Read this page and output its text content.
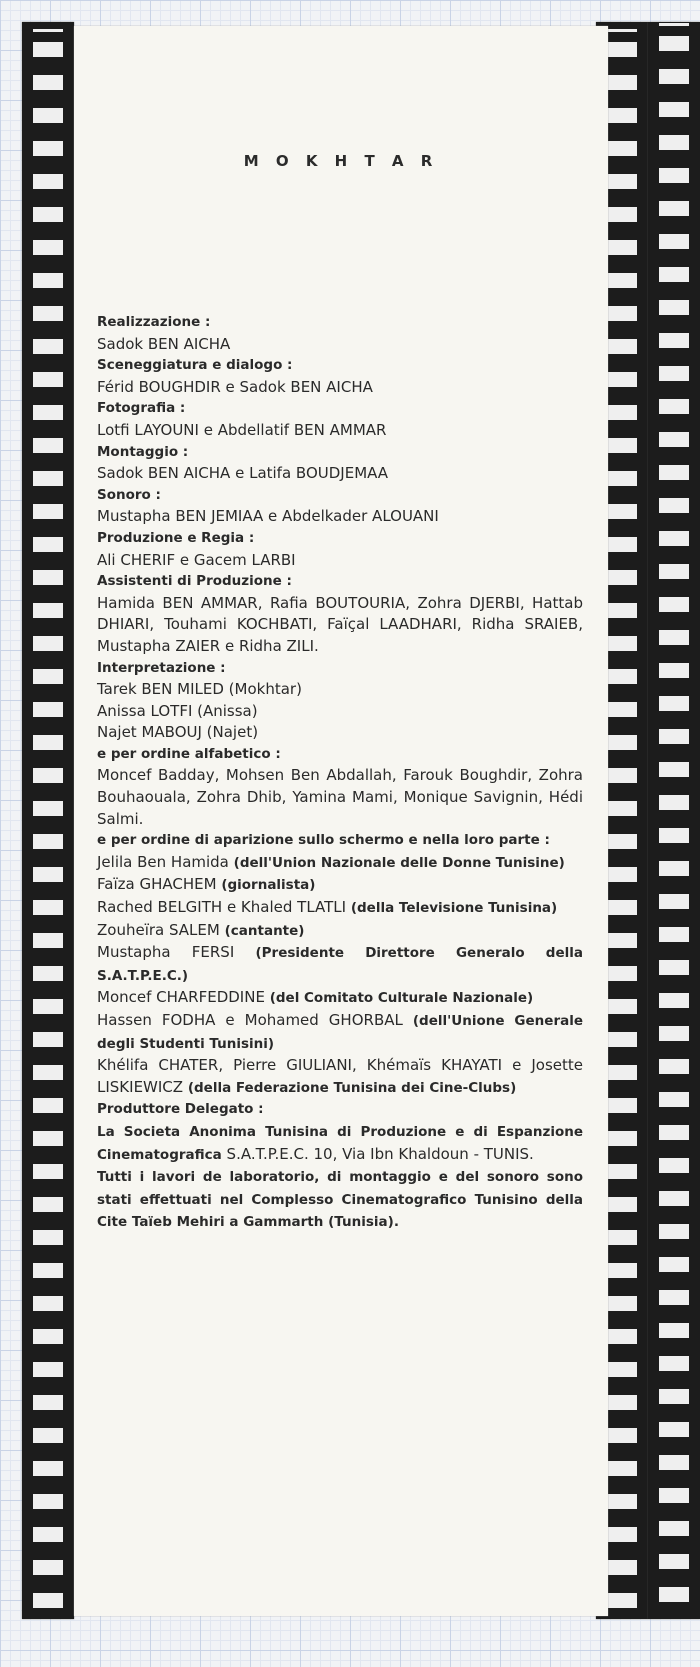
M O K H T A R
Realizzazione :
Sadok BEN AICHA
Sceneggiatura e dialogo :
Férid BOUGHDIR e Sadok BEN AICHA
Fotografia :
Lotfi LAYOUNI e Abdellatif BEN AMMAR
Montaggio :
Sadok BEN AICHA e Latifa BOUDJEMAA
Sonoro :
Mustapha BEN JEMIAA e Abdelkader ALOUANI
Produzione e Regia :
Ali CHERIF e Gacem LARBI
Assistenti di Produzione :
Hamida BEN AMMAR, Rafia BOUTOURIA, Zohra DJERBI, Hattab DHIARI, Touhami KOCHBATI, Faïçal LAADHARI, Ridha SRAIEB, Mustapha ZAIER e Ridha ZILI.
Interpretazione :
Tarek BEN MILED (Mokhtar)
Anissa LOTFI (Anissa)
Najet MABOUJ (Najet)
e per ordine alfabetico :
Moncef Badday, Mohsen Ben Abdallah, Farouk Boughdir, Zohra Bouhaouala, Zohra Dhib, Yamina Mami, Monique Savignin, Hédi Salmi.
e per ordine di aparizione sullo schermo e nella loro parte :
Jelila Ben Hamida (dell'Union Nazionale delle Donne Tunisine)
Faïza GHACHEM (giornalista)
Rached BELGITH e Khaled TLATLI (della Televisione Tunisina)
Zouheïra SALEM (cantante)
Mustapha FERSI (Presidente Direttore Generalo della S.A.T.P.E.C.)
Moncef CHARFEDDINE (del Comitato Culturale Nazionale)
Hassen FODHA e Mohamed GHORBAL (dell'Unione Generale degli Studenti Tunisini)
Khélifa CHATER, Pierre GIULIANI, Khémaïs KHAYATI e Josette LISKIEWICZ (della Federazione Tunisina dei Cine-Clubs)
Produttore Delegato :
La Societa Anonima Tunisina di Produzione e di Espanzione Cinematografica S.A.T.P.E.C. 10, Via Ibn Khaldoun - TUNIS.
Tutti i lavori de laboratorio, di montaggio e del sonoro sono stati effettuati nel Complesso Cinematografico Tunisino della Cite Taïeb Mehiri a Gammarth (Tunisia).
